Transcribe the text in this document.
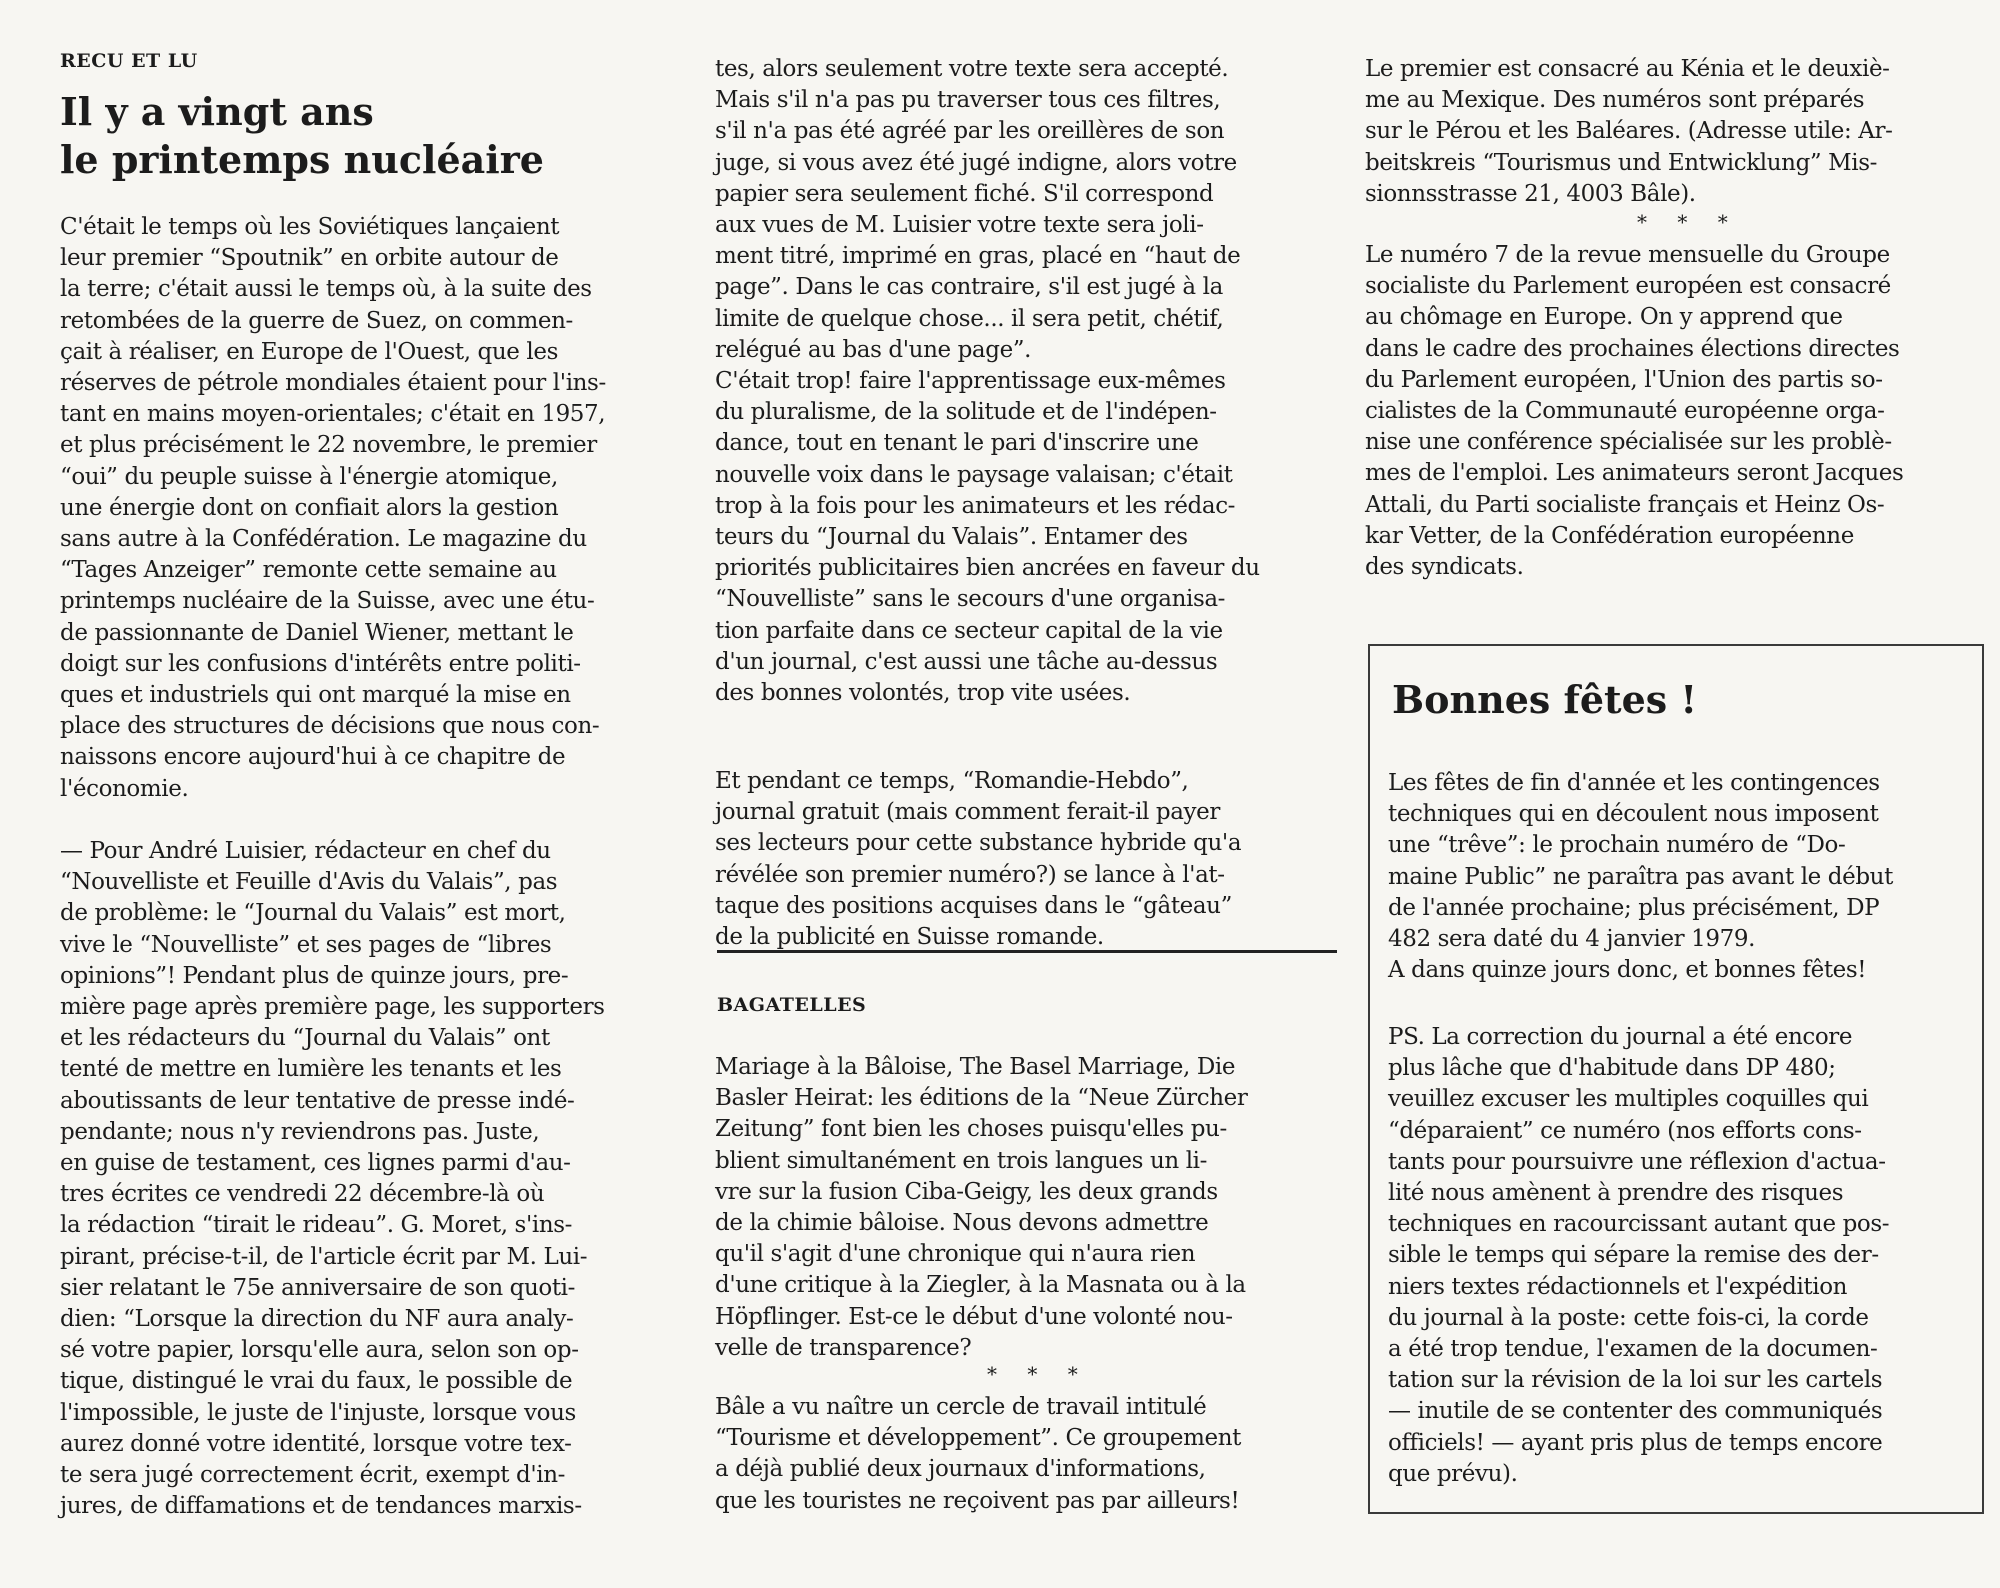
RECU ET LU
Il y a vingt ans
le printemps nucléaire
C'était le temps où les Soviétiques lançaient
leur premier “Spoutnik” en orbite autour de
la terre; c'était aussi le temps où, à la suite des
retombées de la guerre de Suez, on commen-
çait à réaliser, en Europe de l'Ouest, que les
réserves de pétrole mondiales étaient pour l'ins-
tant en mains moyen-orientales; c'était en 1957,
et plus précisément le 22 novembre, le premier
“oui” du peuple suisse à l'énergie atomique,
une énergie dont on confiait alors la gestion
sans autre à la Confédération. Le magazine du
“Tages Anzeiger” remonte cette semaine au
printemps nucléaire de la Suisse, avec une étu-
de passionnante de Daniel Wiener, mettant le
doigt sur les confusions d'intérêts entre politi-
ques et industriels qui ont marqué la mise en
place des structures de décisions que nous con-
naissons encore aujourd'hui à ce chapitre de
l'économie.
— Pour André Luisier, rédacteur en chef du
“Nouvelliste et Feuille d'Avis du Valais”, pas
de problème: le “Journal du Valais” est mort,
vive le “Nouvelliste” et ses pages de “libres
opinions”! Pendant plus de quinze jours, pre-
mière page après première page, les supporters
et les rédacteurs du “Journal du Valais” ont
tenté de mettre en lumière les tenants et les
aboutissants de leur tentative de presse indé-
pendante; nous n'y reviendrons pas. Juste,
en guise de testament, ces lignes parmi d'au-
tres écrites ce vendredi 22 décembre-là où
la rédaction “tirait le rideau”. G. Moret, s'ins-
pirant, précise-t-il, de l'article écrit par M. Lui-
sier relatant le 75e anniversaire de son quoti-
dien: “Lorsque la direction du NF aura analy-
sé votre papier, lorsqu'elle aura, selon son op-
tique, distingué le vrai du faux, le possible de
l'impossible, le juste de l'injuste, lorsque vous
aurez donné votre identité, lorsque votre tex-
te sera jugé correctement écrit, exempt d'in-
jures, de diffamations et de tendances marxis-
tes, alors seulement votre texte sera accepté.
Mais s'il n'a pas pu traverser tous ces filtres,
s'il n'a pas été agréé par les oreillères de son
juge, si vous avez été jugé indigne, alors votre
papier sera seulement fiché. S'il correspond
aux vues de M. Luisier votre texte sera joli-
ment titré, imprimé en gras, placé en “haut de
page”. Dans le cas contraire, s'il est jugé à la
limite de quelque chose... il sera petit, chétif,
relégué au bas d'une page”.
C'était trop! faire l'apprentissage eux-mêmes
du pluralisme, de la solitude et de l'indépen-
dance, tout en tenant le pari d'inscrire une
nouvelle voix dans le paysage valaisan; c'était
trop à la fois pour les animateurs et les rédac-
teurs du “Journal du Valais”. Entamer des
priorités publicitaires bien ancrées en faveur du
“Nouvelliste” sans le secours d'une organisa-
tion parfaite dans ce secteur capital de la vie
d'un journal, c'est aussi une tâche au-dessus
des bonnes volontés, trop vite usées.
Et pendant ce temps, “Romandie-Hebdo”,
journal gratuit (mais comment ferait-il payer
ses lecteurs pour cette substance hybride qu'a
révélée son premier numéro?) se lance à l'at-
taque des positions acquises dans le “gâteau”
de la publicité en Suisse romande.
BAGATELLES
Mariage à la Bâloise, The Basel Marriage, Die
Basler Heirat: les éditions de la “Neue Zürcher
Zeitung” font bien les choses puisqu'elles pu-
blient simultanément en trois langues un li-
vre sur la fusion Ciba-Geigy, les deux grands
de la chimie bâloise. Nous devons admettre
qu'il s'agit d'une chronique qui n'aura rien
d'une critique à la Ziegler, à la Masnata ou à la
Höpflinger. Est-ce le début d'une volonté nou-
velle de transparence?
* * *
Bâle a vu naître un cercle de travail intitulé
“Tourisme et développement”. Ce groupement
a déjà publié deux journaux d'informations,
que les touristes ne reçoivent pas par ailleurs!
Le premier est consacré au Kénia et le deuxiè-
me au Mexique. Des numéros sont préparés
sur le Pérou et les Baléares. (Adresse utile: Ar-
beitskreis “Tourismus und Entwicklung” Mis-
sionnsstrasse 21, 4003 Bâle).
* * *
Le numéro 7 de la revue mensuelle du Groupe
socialiste du Parlement européen est consacré
au chômage en Europe. On y apprend que
dans le cadre des prochaines élections directes
du Parlement européen, l'Union des partis so-
cialistes de la Communauté européenne orga-
nise une conférence spécialisée sur les problè-
mes de l'emploi. Les animateurs seront Jacques
Attali, du Parti socialiste français et Heinz Os-
kar Vetter, de la Confédération européenne
des syndicats.
Bonnes fêtes !
Les fêtes de fin d'année et les contingences
techniques qui en découlent nous imposent
une “trêve”: le prochain numéro de “Do-
maine Public” ne paraîtra pas avant le début
de l'année prochaine; plus précisément, DP
482 sera daté du 4 janvier 1979.
A dans quinze jours donc, et bonnes fêtes!
PS. La correction du journal a été encore
plus lâche que d'habitude dans DP 480;
veuillez excuser les multiples coquilles qui
“déparaient” ce numéro (nos efforts cons-
tants pour poursuivre une réflexion d'actua-
lité nous amènent à prendre des risques
techniques en racourcissant autant que pos-
sible le temps qui sépare la remise des der-
niers textes rédactionnels et l'expédition
du journal à la poste: cette fois-ci, la corde
a été trop tendue, l'examen de la documen-
tation sur la révision de la loi sur les cartels
— inutile de se contenter des communiqués
officiels! — ayant pris plus de temps encore
que prévu).
